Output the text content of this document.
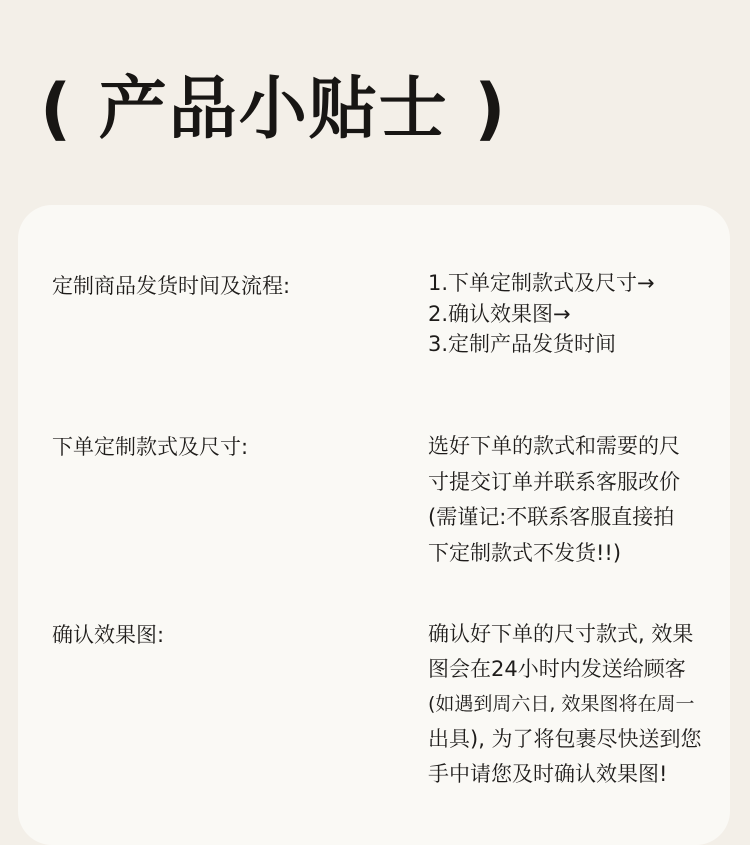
( 产品小贴士 )
定制商品发货时间及流程:	1.下单定制款式及尺寸→
2.确认效果图→
3.定制产品发货时间
下单定制款式及尺寸:	选好下单的款式和需要的尺
寸提交订单并联系客服改价
(需谨记:不联系客服直接拍
下定制款式不发货!!)
确认效果图:	确认好下单的尺寸款式, 效果
图会在24小时内发送给顾客
(如遇到周六日, 效果图将在周一
出具), 为了将包裹尽快送到您
手中请您及时确认效果图!
